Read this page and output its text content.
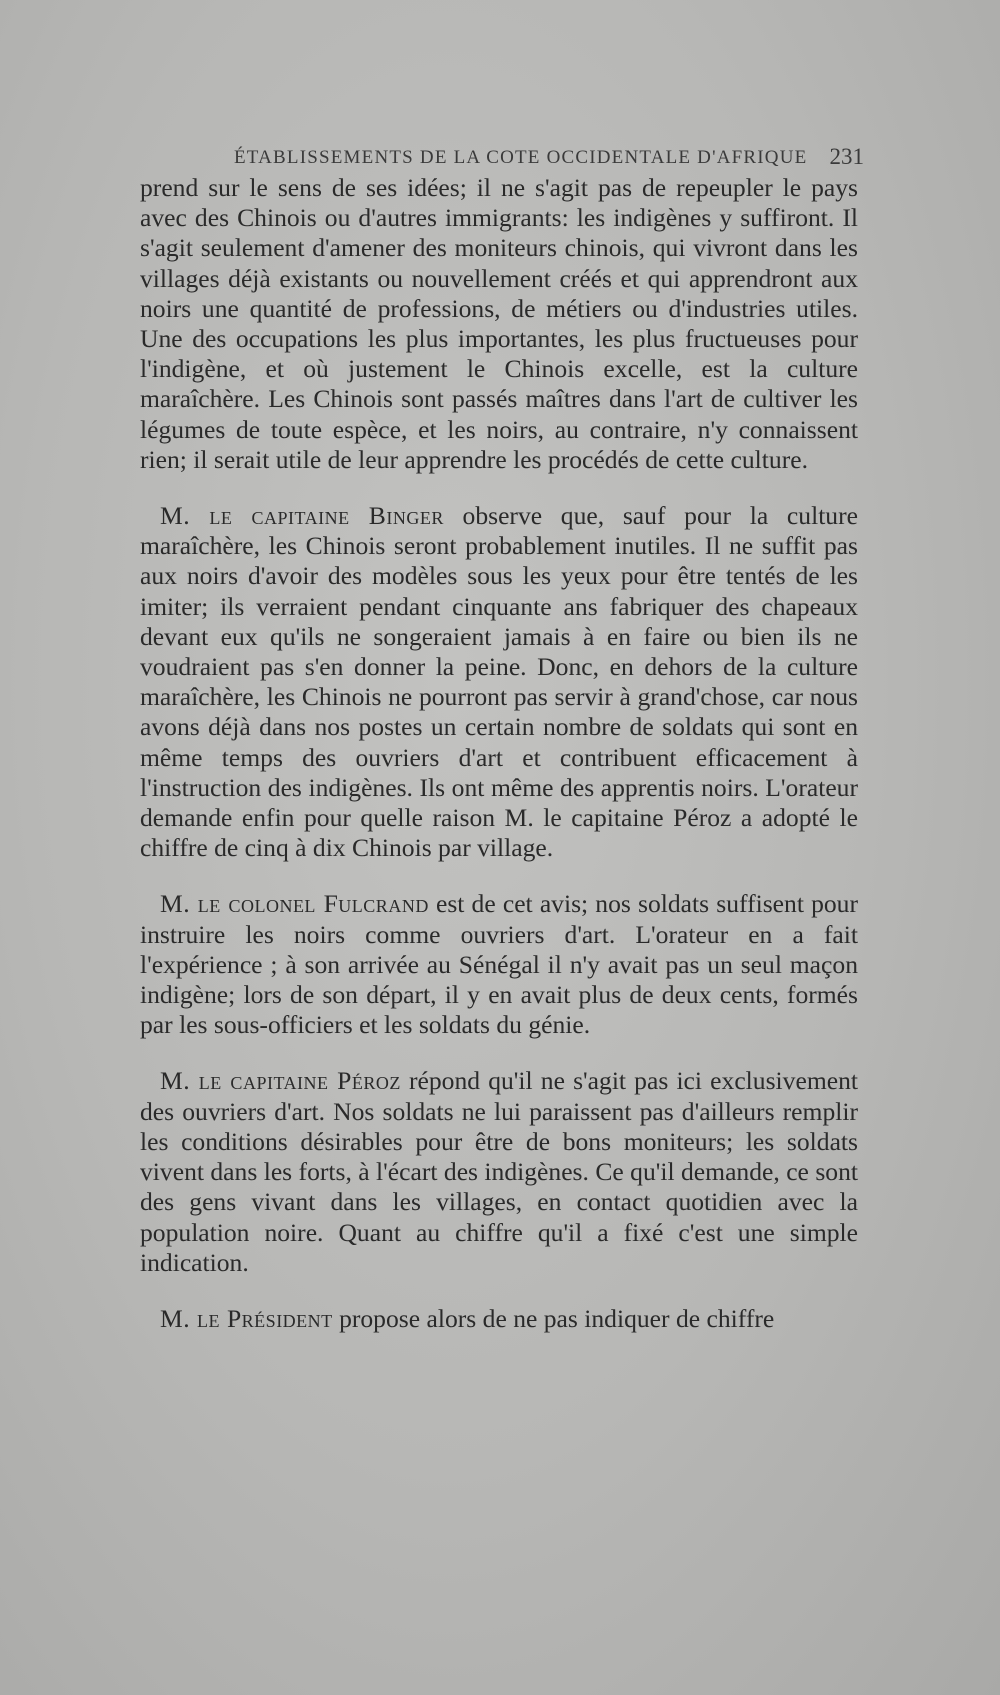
ÉTABLISSEMENTS DE LA COTE OCCIDENTALE D'AFRIQUE 231

prend sur le sens de ses idées; il ne s'agit pas de repeupler le pays avec des Chinois ou d'autres immigrants: les indigènes y suffiront. Il s'agit seulement d'amener des moniteurs chinois, qui vivront dans les villages déjà existants ou nouvellement créés et qui apprendront aux noirs une quantité de professions, de métiers ou d'industries utiles. Une des occupations les plus importantes, les plus fructueuses pour l'indigène, et où justement le Chinois excelle, est la culture maraîchère. Les Chinois sont passés maîtres dans l'art de cultiver les légumes de toute espèce, et les noirs, au contraire, n'y connaissent rien; il serait utile de leur apprendre les procédés de cette culture.

M. le capitaine Binger observe que, sauf pour la culture maraîchère, les Chinois seront probablement inutiles. Il ne suffit pas aux noirs d'avoir des modèles sous les yeux pour être tentés de les imiter; ils verraient pendant cinquante ans fabriquer des chapeaux devant eux qu'ils ne songeraient jamais à en faire ou bien ils ne voudraient pas s'en donner la peine. Donc, en dehors de la culture maraîchère, les Chinois ne pourront pas servir à grand'chose, car nous avons déjà dans nos postes un certain nombre de soldats qui sont en même temps des ouvriers d'art et contribuent efficacement à l'instruction des indigènes. Ils ont même des apprentis noirs. L'orateur demande enfin pour quelle raison M. le capitaine Péroz a adopté le chiffre de cinq à dix Chinois par village.

M. le colonel Fulcrand est de cet avis; nos soldats suffisent pour instruire les noirs comme ouvriers d'art. L'orateur en a fait l'expérience ; à son arrivée au Sénégal il n'y avait pas un seul maçon indigène; lors de son départ, il y en avait plus de deux cents, formés par les sous-officiers et les soldats du génie.

M. le capitaine Péroz répond qu'il ne s'agit pas ici exclusivement des ouvriers d'art. Nos soldats ne lui paraissent pas d'ailleurs remplir les conditions désirables pour être de bons moniteurs; les soldats vivent dans les forts, à l'écart des indigènes. Ce qu'il demande, ce sont des gens vivant dans les villages, en contact quotidien avec la population noire. Quant au chiffre qu'il a fixé c'est une simple indication.

M. le Président propose alors de ne pas indiquer de chiffre
